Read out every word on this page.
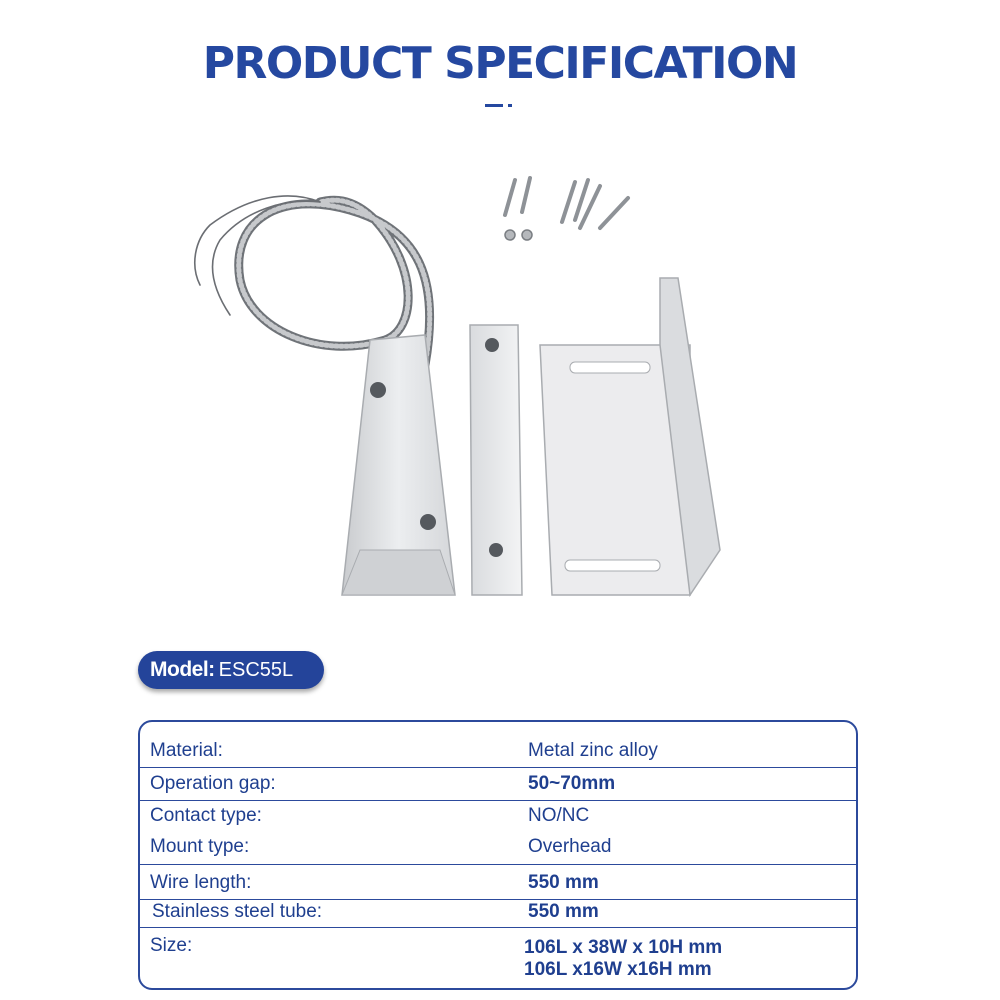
PRODUCT SPECIFICATION
Model: ESC55L
Material:	Metal zinc alloy
Operation gap:	50~70mm
Contact type:	NO/NC
Mount type:	Overhead
Wire length:	550 mm
Stainless steel tube:	550 mm
Size:	106L x 38W x 10H mm
106L x16W x16H mm
